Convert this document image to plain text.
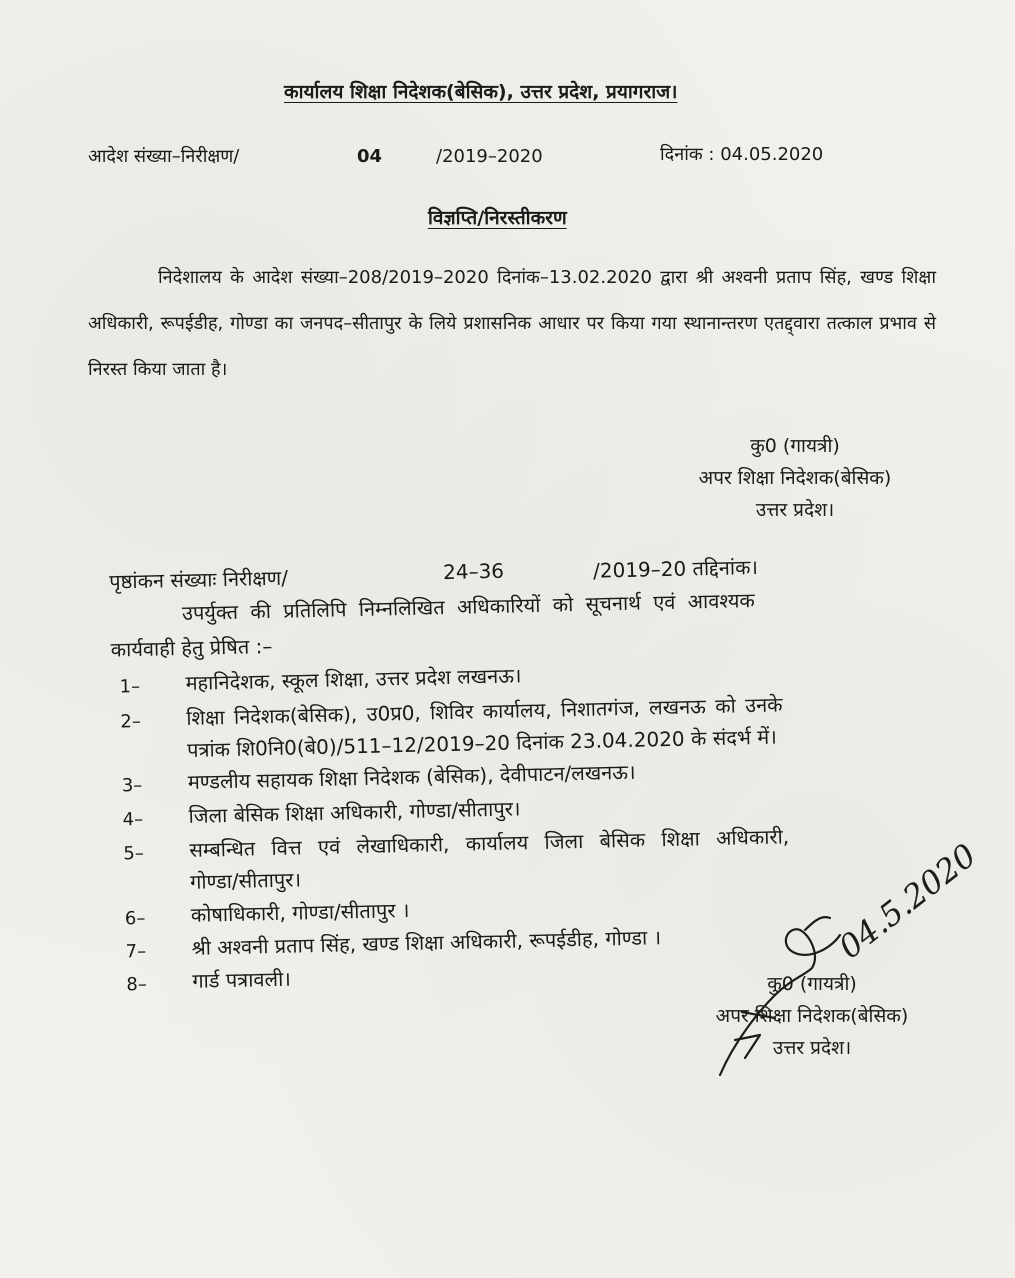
कार्यालय शिक्षा निदेशक(बेसिक), उत्तर प्रदेश, प्रयागराज।
आदेश संख्या–निरीक्षण/	04	/2019–2020	दिनांक : 04.05.2020
विज्ञप्ति/निरस्तीकरण
निदेशालय के आदेश संख्या–208/2019–2020 दिनांक–13.02.2020 द्वारा श्री अश्वनी प्रताप सिंह, खण्ड शिक्षा अधिकारी, रूपईडीह, गोण्डा का जनपद–सीतापुर के लिये प्रशासनिक आधार पर किया गया स्थानान्तरण एतद्द्वारा तत्काल प्रभाव से निरस्त किया जाता है।
कु0 (गायत्री)
अपर शिक्षा निदेशक(बेसिक)
उत्तर प्रदेश।
पृष्ठांकन संख्याः निरीक्षण/	24–36	/2019–20 तद्दिनांक।
उपर्युक्त की प्रतिलिपि निम्नलिखित अधिकारियों को सूचनार्थ एवं आवश्यक
कार्यवाही हेतु प्रेषित :–
1– महानिदेशक, स्कूल शिक्षा, उत्तर प्रदेश लखनऊ।
2– शिक्षा निदेशक(बेसिक), उ0प्र0, शिविर कार्यालय, निशातगंज, लखनऊ को उनके
पत्रांक शि0नि0(बे0)/511–12/2019–20 दिनांक 23.04.2020 के संदर्भ में।
3– मण्डलीय सहायक शिक्षा निदेशक (बेसिक), देवीपाटन/लखनऊ।
4– जिला बेसिक शिक्षा अधिकारी, गोण्डा/सीतापुर।
5– सम्बन्धित वित्त एवं लेखाधिकारी, कार्यालय जिला बेसिक शिक्षा अधिकारी,
गोण्डा/सीतापुर।
6– कोषाधिकारी, गोण्डा/सीतापुर ।
7– श्री अश्वनी प्रताप सिंह, खण्ड शिक्षा अधिकारी, रूपईडीह, गोण्डा ।
8– गार्ड पत्रावली।	कु0 (गायत्री)
अपर शिक्षा निदेशक(बेसिक)
उत्तर प्रदेश।
04.5.2020
